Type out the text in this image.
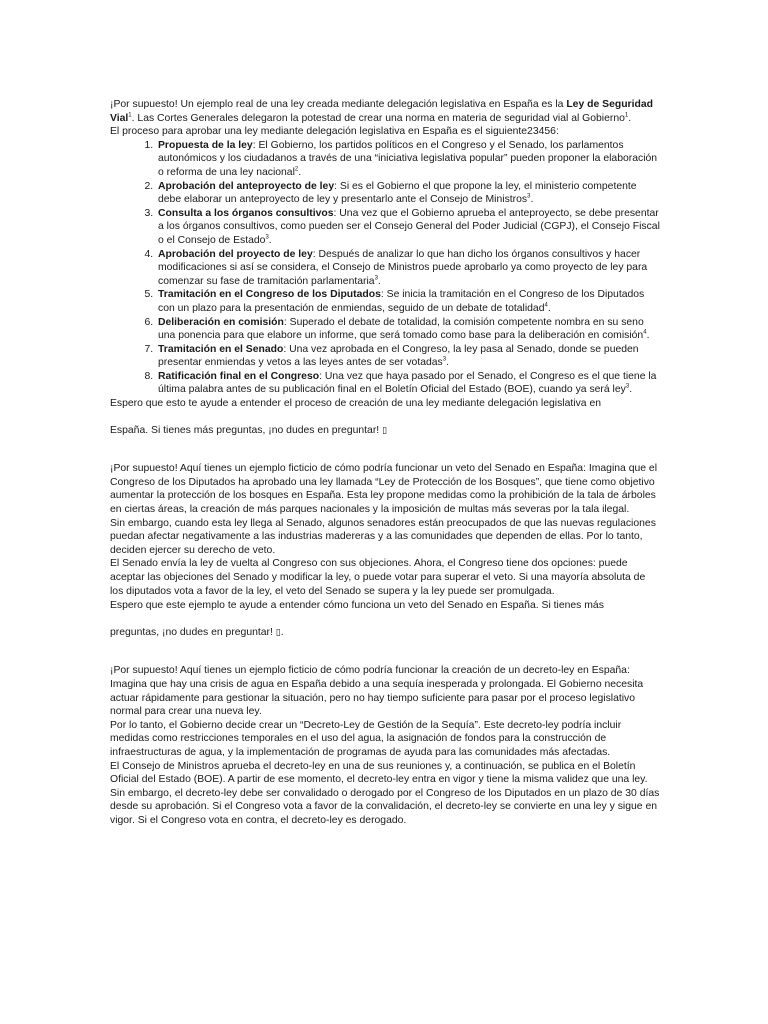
¡Por supuesto! Un ejemplo real de una ley creada mediante delegación legislativa en España es la Ley de Seguridad Vial$^1$. Las Cortes Generales delegaron la potestad de crear una norma en materia de seguridad vial al Gobierno$^1$.

El proceso para aprobar una ley mediante delegación legislativa en España es el siguiente23456:

1. Propuesta de la ley: El Gobierno, los partidos políticos en el Congreso y el Senado, los parlamentos autonómicos y los ciudadanos a través de una “iniciativa legislativa popular” pueden proponer la elaboración o reforma de una ley nacional$^2$.
2. Aprobación del anteproyecto de ley: Si es el Gobierno el que propone la ley, el ministerio competente debe elaborar un anteproyecto de ley y presentarlo ante el Consejo de Ministros$^3$.
3. Consulta a los órganos consultivos: Una vez que el Gobierno aprueba el anteproyecto, se debe presentar a los órganos consultivos, como pueden ser el Consejo General del Poder Judicial (CGPJ), el Consejo Fiscal o el Consejo de Estado$^3$.
4. Aprobación del proyecto de ley: Después de analizar lo que han dicho los órganos consultivos y hacer modificaciones si así se considera, el Consejo de Ministros puede aprobarlo ya como proyecto de ley para comenzar su fase de tramitación parlamentaria$^3$.
5. Tramitación en el Congreso de los Diputados: Se inicia la tramitación en el Congreso de los Diputados con un plazo para la presentación de enmiendas, seguido de un debate de totalidad$^4$.
6. Deliberación en comisión: Superado el debate de totalidad, la comisión competente nombra en su seno una ponencia para que elabore un informe, que será tomado como base para la deliberación en comisión$^4$.
7. Tramitación en el Senado: Una vez aprobada en el Congreso, la ley pasa al Senado, donde se pueden presentar enmiendas y vetos a las leyes antes de ser votadas$^3$.
8. Ratificación final en el Congreso: Una vez que haya pasado por el Senado, el Congreso es el que tiene la última palabra antes de su publicación final en el Boletín Oficial del Estado (BOE), cuando ya será ley$^3$.

Espero que esto te ayude a entender el proceso de creación de una ley mediante delegación legislativa en

España. Si tienes más preguntas, ¡no dudes en preguntar! ▯

¡Por supuesto! Aquí tienes un ejemplo ficticio de cómo podría funcionar un veto del Senado en España: Imagina que el Congreso de los Diputados ha aprobado una ley llamada “Ley de Protección de los Bosques”, que tiene como objetivo aumentar la protección de los bosques en España. Esta ley propone medidas como la prohibición de la tala de árboles en ciertas áreas, la creación de más parques nacionales y la imposición de multas más severas por la tala ilegal.

Sin embargo, cuando esta ley llega al Senado, algunos senadores están preocupados de que las nuevas regulaciones puedan afectar negativamente a las industrias madereras y a las comunidades que dependen de ellas. Por lo tanto, deciden ejercer su derecho de veto.

El Senado envía la ley de vuelta al Congreso con sus objeciones. Ahora, el Congreso tiene dos opciones: puede aceptar las objeciones del Senado y modificar la ley, o puede votar para superar el veto. Si una mayoría absoluta de los diputados vota a favor de la ley, el veto del Senado se supera y la ley puede ser promulgada.

Espero que este ejemplo te ayude a entender cómo funciona un veto del Senado en España. Si tienes más

preguntas, ¡no dudes en preguntar! ▯.

¡Por supuesto! Aquí tienes un ejemplo ficticio de cómo podría funcionar la creación de un decreto-ley en España:

Imagina que hay una crisis de agua en España debido a una sequía inesperada y prolongada. El Gobierno necesita actuar rápidamente para gestionar la situación, pero no hay tiempo suficiente para pasar por el proceso legislativo normal para crear una nueva ley.

Por lo tanto, el Gobierno decide crear un “Decreto-Ley de Gestión de la Sequía”. Este decreto-ley podría incluir medidas como restricciones temporales en el uso del agua, la asignación de fondos para la construcción de infraestructuras de agua, y la implementación de programas de ayuda para las comunidades más afectadas.

El Consejo de Ministros aprueba el decreto-ley en una de sus reuniones y, a continuación, se publica en el Boletín Oficial del Estado (BOE). A partir de ese momento, el decreto-ley entra en vigor y tiene la misma validez que una ley.

Sin embargo, el decreto-ley debe ser convalidado o derogado por el Congreso de los Diputados en un plazo de 30 días desde su aprobación. Si el Congreso vota a favor de la convalidación, el decreto-ley se convierte en una ley y sigue en vigor. Si el Congreso vota en contra, el decreto-ley es derogado.
